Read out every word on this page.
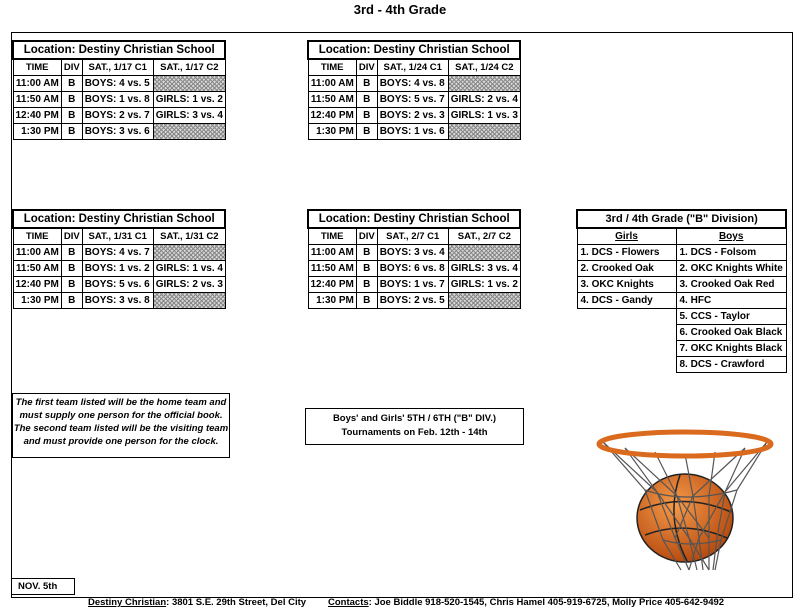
3rd - 4th Grade
Location: Destiny Christian School			
TIME	DIV	SAT., 1/17 C1	SAT., 1/17 C2
11:00 AM	B	BOYS: 4 vs. 5	
11:50 AM	B	BOYS: 1 vs. 8	GIRLS: 1 vs. 2
12:40 PM	B	BOYS: 2 vs. 7	GIRLS: 3 vs. 4
1:30 PM	B	BOYS: 3 vs. 6	
Location: Destiny Christian School			
TIME	DIV	SAT., 1/24 C1	SAT., 1/24 C2
11:00 AM	B	BOYS: 4 vs. 8	
11:50 AM	B	BOYS: 5 vs. 7	GIRLS: 2 vs. 4
12:40 PM	B	BOYS: 2 vs. 3	GIRLS: 1 vs. 3
1:30 PM	B	BOYS: 1 vs. 6	
Location: Destiny Christian School			
TIME	DIV	SAT., 1/31 C1	SAT., 1/31 C2
11:00 AM	B	BOYS: 4 vs. 7	
11:50 AM	B	BOYS: 1 vs. 2	GIRLS: 1 vs. 4
12:40 PM	B	BOYS: 5 vs. 6	GIRLS: 2 vs. 3
1:30 PM	B	BOYS: 3 vs. 8	
Location: Destiny Christian School			
TIME	DIV	SAT., 2/7 C1	SAT., 2/7 C2
11:00 AM	B	BOYS: 3 vs. 4	
11:50 AM	B	BOYS: 6 vs. 8	GIRLS: 3 vs. 4
12:40 PM	B	BOYS: 1 vs. 7	GIRLS: 1 vs. 2
1:30 PM	B	BOYS: 2 vs. 5	
3rd / 4th Grade ("B" Division)	
Girls	Boys
1. DCS - Flowers	1. DCS - Folsom
2. Crooked Oak	2. OKC Knights White
3. OKC Knights	3. Crooked Oak Red
4. DCS - Gandy	4. HFC
	5. CCS - Taylor
	6. Crooked Oak Black
	7. OKC Knights Black
	8. DCS - Crawford
The first team listed will be the home team and
must supply one person for the official book.
The second team listed will be the visiting team
and must provide one person for the clock.
Boys' and Girls' 5TH / 6TH ("B" DIV.)
Tournaments on Feb. 12th - 14th
NOV. 5th
Destiny Christian: 3801 S.E. 29th Street, Del City Contacts: Joe Biddle 918-520-1545, Chris Hamel 405-919-6725, Molly Price 405-642-9492
